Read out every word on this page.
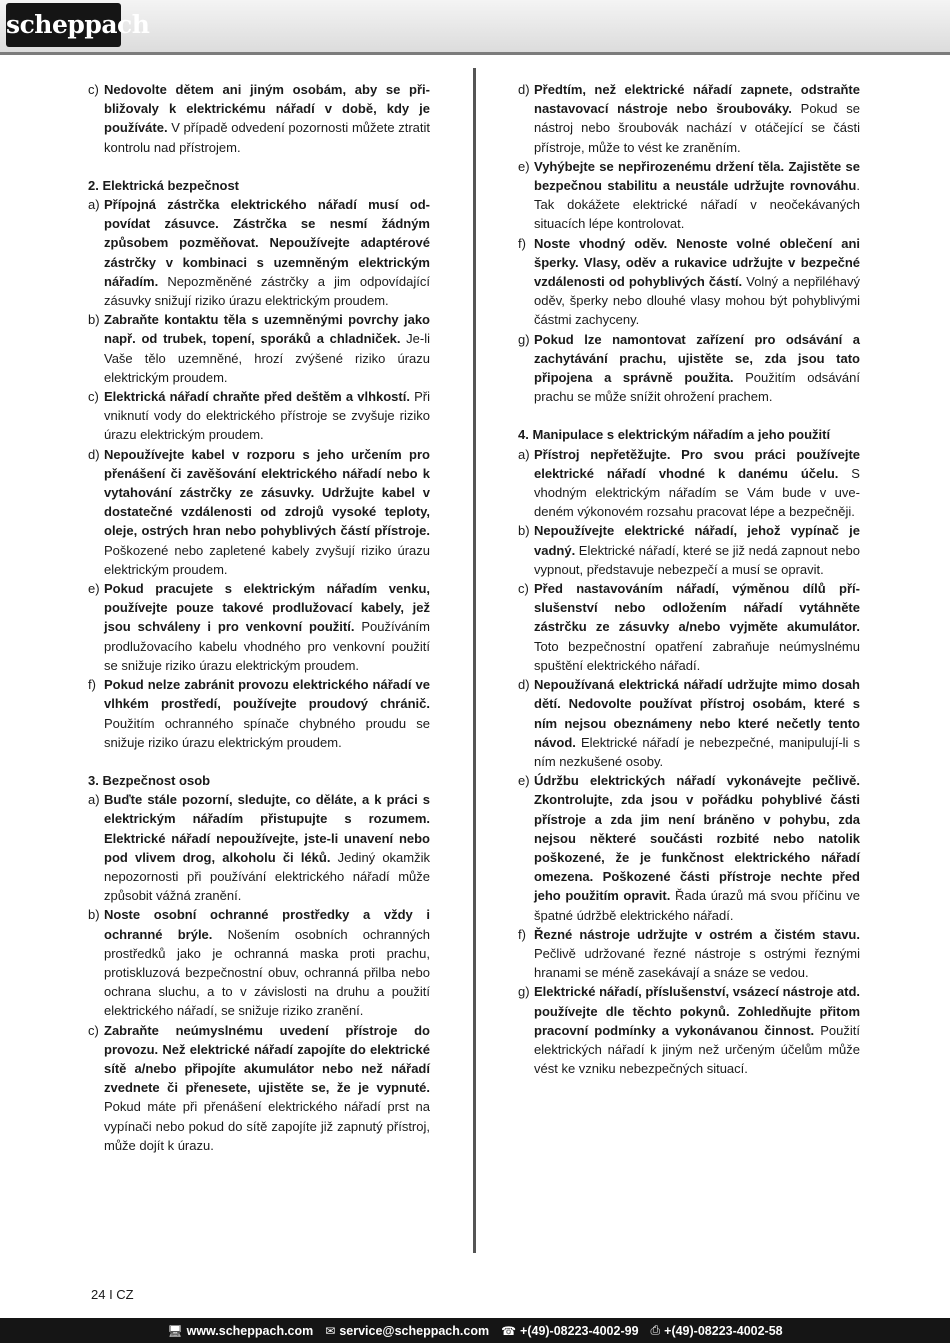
scheppach
c) Nedovolte dětem ani jiným osobám, aby se přibližovaly k elektrickému nářadí v době, kdy je používáte. V případě odvedení pozornosti můžete ztratit kontrolu nad přístrojem.
2. Elektrická bezpečnost
a) Přípojná zástrčka elektrického nářadí musí odpovídat zásuvce. Zástrčka se nesmí žádným způsobem pozměňovat. Nepoužívejte adaptérové zástrčky v kombinaci s uzemněným elektrickým nářadím. Nepozměněné zástrčky a jim odpovídající zásuvky snižují riziko úrazu elektrickým proudem.
b) Zabraňte kontaktu těla s uzemněnými povrchy jako např. od trubek, topení, sporáků a chladniček. Je-li Vaše tělo uzemněné, hrozí zvýšené riziko úrazu elektrickým proudem.
c) Elektrická nářadí chraňte před deštěm a vlhkostí. Při vniknutí vody do elektrického přístroje se zvyšuje riziko úrazu elektrickým proudem.
d) Nepoužívejte kabel v rozporu s jeho určením pro přenášení či zavěšování elektrického nářadí nebo k vytahování zástrčky ze zásuvky. Udržujte kabel v dostatečné vzdálenosti od zdrojů vysoké teploty, oleje, ostrých hran nebo pohyblivých částí přístroje. Poškozené nebo zapletené kabely zvyšují riziko úrazu elektrickým proudem.
e) Pokud pracujete s elektrickým nářadím venku, používejte pouze takové prodlužovací kabely, jež jsou schváleny i pro venkovní použití. Používáním prodlužovacího kabelu vhodného pro venkovní použití se snižuje riziko úrazu elektrickým proudem.
f) Pokud nelze zabránit provozu elektrického nářadí ve vlhkém prostředí, používejte proudový chránič. Použitím ochranného spínače chybného proudu se snižuje riziko úrazu elektrickým proudem.
3. Bezpečnost osob
a) Buďte stále pozorní, sledujte, co děláte, a k práci s elektrickým nářadím přistupujte s rozumem. Elektrické nářadí nepoužívejte, jste-li unavení nebo pod vlivem drog, alkoholu či léků. Jediný okamžik nepozornosti při používání elektrického nářadí může způsobit vážná zranění.
b) Noste osobní ochranné prostředky a vždy i ochranné brýle. Nošením osobních ochranných prostředků jako je ochranná maska proti prachu, protiskluzová bezpečnostní obuv, ochranná přilba nebo ochrana sluchu, a to v závislosti na druhu a použití elektrického nářadí, se snižuje riziko zranění.
c) Zabraňte neúmyslnému uvedení přístroje do provozu. Než elektrické nářadí zapojíte do elektrické sítě a/nebo připojíte akumulátor nebo než nářadí zvednete či přenesete, ujistěte se, že je vypnuté. Pokud máte při přenášení elektrického nářadí prst na vypínači nebo pokud do sítě zapojíte již zapnutý přístroj, může dojít k úrazu.
d) Předtím, než elektrické nářadí zapnete, odstraňte nastavovací nástroje nebo šroubováky. Pokud se nástroj nebo šroubovák nachází v otáčející se části přístroje, může to vést ke zraněním.
e) Vyhýbejte se nepřirozenému držení těla. Zajistěte se bezpečnou stabilitu a neustále udržujte rovnováhu. Tak dokážete elektrické nářadí v neočekávaných situacích lépe kontrolovat.
f) Noste vhodný oděv. Nenoste volné oblečení ani šperky. Vlasy, oděv a rukavice udržujte v bezpečné vzdálenosti od pohyblivých částí. Volný a nepřiléhavý oděv, šperky nebo dlouhé vlasy mohou být pohyblivými částmi zachyceny.
g) Pokud lze namontovat zařízení pro odsávání a zachytávání prachu, ujistěte se, zda jsou tato připojena a správně použita. Použitím odsávání prachu se může snížit ohrožení prachem.
4. Manipulace s elektrickým nářadím a jeho použití
a) Přístroj nepřetěžujte. Pro svou práci používejte elektrické nářadí vhodné k danému účelu. S vhodným elektrickým nářadím se Vám bude v uvedeném výkonovém rozsahu pracovat lépe a bezpečněji.
b) Nepoužívejte elektrické nářadí, jehož vypínač je vadný. Elektrické nářadí, které se již nedá zapnout nebo vypnout, představuje nebezpečí a musí se opravit.
c) Před nastavováním nářadí, výměnou dílů příslušenství nebo odložením nářadí vytáhněte zástrčku ze zásuvky a/nebo vyjměte akumulátor. Toto bezpečnostní opatření zabraňuje neúmyslnému spuštění elektrického nářadí.
d) Nepoužívaná elektrická nářadí udržujte mimo dosah dětí. Nedovolte používat přístroj osobám, které s ním nejsou obeznámeny nebo které nečetly tento návod. Elektrické nářadí je nebezpečné, manipulují-li s ním nezkušené osoby.
e) Údržbu elektrických nářadí vykonávejte pečlivě. Zkontrolujte, zda jsou v pořádku pohyblivé části přístroje a zda jim není bráněno v pohybu, zda nejsou některé součásti rozbité nebo natolik poškozené, že je funkčnost elektrického nářadí omezena. Poškozené části přístroje nechte před jeho použitím opravit. Řada úrazů má svou příčinu ve špatné údržbě elektrického nářadí.
f) Řezné nástroje udržujte v ostrém a čistém stavu. Pečlivě udržované řezné nástroje s ostrými řeznými hranami se méně zasekávají a snáze se vedou.
g) Elektrické nářadí, příslušenství, vsázecí nástroje atd. používejte dle těchto pokynů. Zohledňujte přitom pracovní podmínky a vykonávanou činnost. Použití elektrických nářadí k jiným než určeným účelům může vést ke vzniku nebezpečných situací.
24 I CZ
🖥 www.scheppach.com ✉ service@scheppach.com ☎ +(49)-08223-4002-99 ⎙ +(49)-08223-4002-58
